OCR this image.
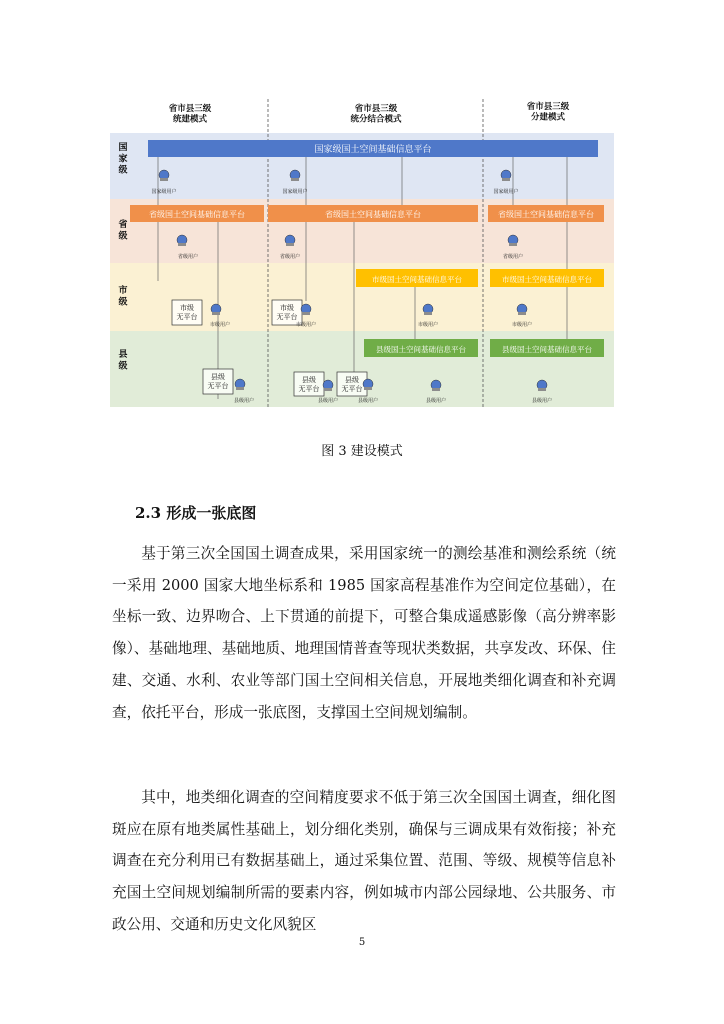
省市县三级统建模式
省市县三级统分结合模式
省市县三级分建模式
国家级
省级
市级
县级
国家级国土空间基础信息平台
国家级用户	国家级用户	国家级用户
省级国土空间基础信息平台	省级国土空间基础信息平台	省级国土空间基础信息平台
省级用户	省级用户	省级用户
市级国土空间基础信息平台	市级国土空间基础信息平台
市级无平台
市级无平台
市级用户	市级用户	市级用户	市级用户
县级国土空间基础信息平台	县级国土空间基础信息平台
县级无平台
县级无平台
县级无平台
县级用户	县级用户	县级用户	县级用户	县级用户
图 3 建设模式
2.3 形成一张底图

基于第三次全国国土调查成果，采用国家统一的测绘基准和测绘系统（统一采用 2000 国家大地坐标系和 1985 国家高程基准作为空间定位基础），在坐标一致、边界吻合、上下贯通的前提下，可整合集成遥感影像（高分辨率影像）、基础地理、基础地质、地理国情普查等现状类数据，共享发改、环保、住建、交通、水利、农业等部门国土空间相关信息，开展地类细化调查和补充调查，依托平台，形成一张底图，支撑国土空间规划编制。

其中，地类细化调查的空间精度要求不低于第三次全国国土调查，细化图斑应在原有地类属性基础上，划分细化类别，确保与三调成果有效衔接；补充调查在充分利用已有数据基础上，通过采集位置、范围、等级、规模等信息补充国土空间规划编制所需的要素内容，例如城市内部公园绿地、公共服务、市政公用、交通和历史文化风貌区

5
